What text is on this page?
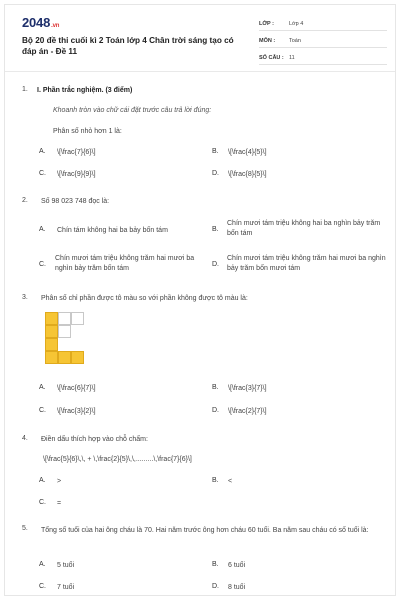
2048.vn
Bộ 20 đề thi cuối kì 2 Toán lớp 4 Chân trời sáng tạo có đáp án - Đề 11
LỚP :	Lớp 4
MÔN :	Toán
SỐ CÂU : 11
1. I. Phần trắc nghiệm. (3 điểm)
Khoanh tròn vào chữ cái đặt trước câu trả lời đúng:
Phân số nhỏ hơn 1 là:
A. \[\frac{7}{6}\]	B. \[\frac{4}{5}\]
C. \[\frac{9}{9}\]	D. \[\frac{8}{5}\]
2. Số 98 023 748 đọc là:
A. Chín tám không hai ba bảy bốn tám	B.
Chín mươi tám triệu không hai ba nghìn bảy trăm bốn tám
C.
Chín mươi tám triệu không trăm hai mươi ba nghìn bảy trăm bốn tám	D.
Chín mươi tám triệu không trăm hai mươi ba nghìn bảy trăm bốn mươi tám
3. Phân số chỉ phần được tô màu so với phần không được tô màu là:
A. \[\frac{6}{7}\]	B. \[\frac{3}{7}\]
C. \[\frac{3}{2}\]	D. \[\frac{2}{7}\]
4. Điền dấu thích hợp vào chỗ chấm:
\[\frac{5}{6}\,\, + \,\frac{2}{5}\,\,.........\,\frac{7}{6}\]
A. >	B. <
C. =
5. Tổng số tuổi của hai ông cháu là 70. Hai năm trước ông hơn cháu 60 tuổi. Ba năm sau cháu có số tuổi là:
A. 5 tuổi	B. 6 tuổi
C. 7 tuổi	D. 8 tuổi
